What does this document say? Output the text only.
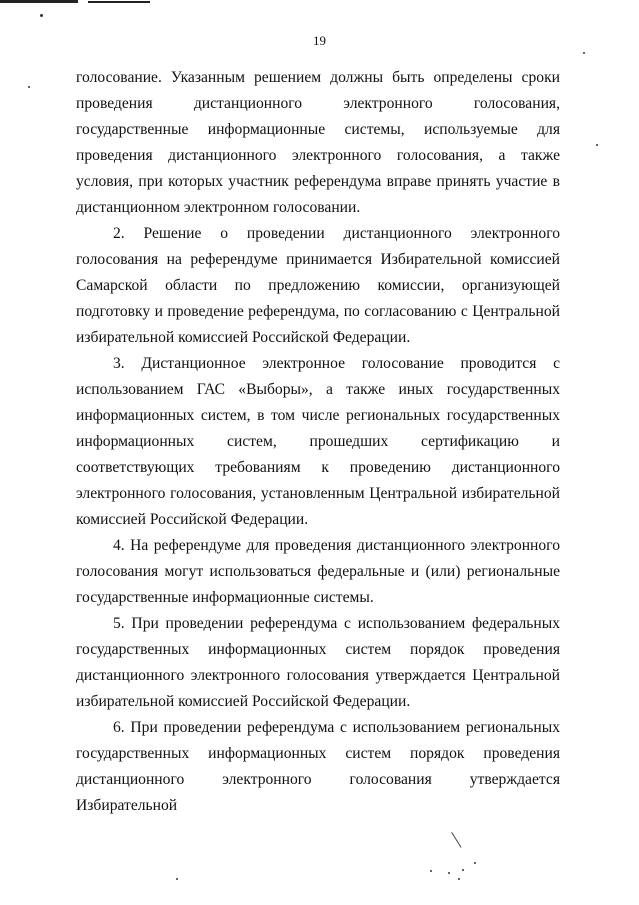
19

голосование. Указанным решением должны быть определены сроки проведения дистанционного электронного голосования, государственные информационные системы, используемые для проведения дистанционного электронного голосования, а также условия, при которых участник референдума вправе принять участие в дистанционном электронном голосовании.

2. Решение о проведении дистанционного электронного голосования на референдуме принимается Избирательной комиссией Самарской области по предложению комиссии, организующей подготовку и проведение референдума, по согласованию с Центральной избирательной комиссией Российской Федерации.

3. Дистанционное электронное голосование проводится с использованием ГАС «Выборы», а также иных государственных информационных систем, в том числе региональных государственных информационных систем, прошедших сертификацию и соответствующих требованиям к проведению дистанционного электронного голосования, установленным Центральной избирательной комиссией Российской Федерации.

4. На референдуме для проведения дистанционного электронного голосования могут использоваться федеральные и (или) региональные государственные информационные системы.

5. При проведении референдума с использованием федеральных государственных информационных систем порядок проведения дистанционного электронного голосования утверждается Центральной избирательной комиссией Российской Федерации.

6. При проведении референдума с использованием региональных государственных информационных систем порядок проведения дистанционного электронного голосования утверждается Избирательной
